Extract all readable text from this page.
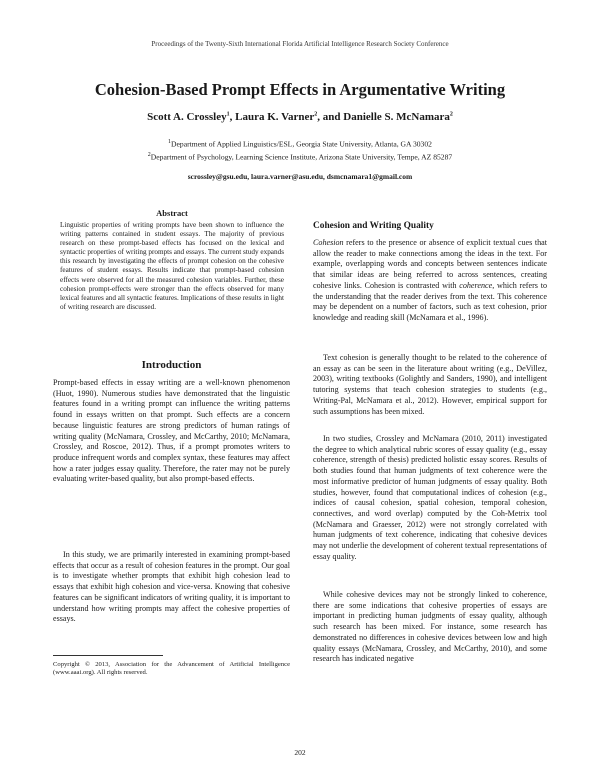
Proceedings of the Twenty-Sixth International Florida Artificial Intelligence Research Society Conference
Cohesion-Based Prompt Effects in Argumentative Writing
Scott A. Crossley$^1$, Laura K. Varner$^2$, and Danielle S. McNamara$^2$
$^1$Department of Applied Linguistics/ESL, Georgia State University, Atlanta, GA 30302
$^2$Department of Psychology, Learning Science Institute, Arizona State University, Tempe, AZ 85287
scrossley@gsu.edu, laura.varner@asu.edu, dsmcnamara1@gmail.com
Abstract
Linguistic properties of writing prompts have been shown to influence the writing patterns contained in student essays. The majority of previous research on these prompt-based effects has focused on the lexical and syntactic properties of writing prompts and essays. The current study expands this research by investigating the effects of prompt cohesion on the cohesive features of student essays. Results indicate that prompt-based cohesion effects were observed for all the measured cohesion variables. Further, these cohesion prompt-effects were stronger than the effects observed for many lexical features and all syntactic features. Implications of these results in light of writing research are discussed.
Introduction
Prompt-based effects in essay writing are a well-known phenomenon (Huot, 1990). Numerous studies have demonstrated that the linguistic features found in a writing prompt can influence the writing patterns found in essays written on that prompt. Such effects are a concern because linguistic features are strong predictors of human ratings of writing quality (McNamara, Crossley, and McCarthy, 2010; McNamara, Crossley, and Roscoe, 2012). Thus, if a prompt promotes writers to produce infrequent words and complex syntax, these features may affect how a rater judges essay quality. Therefore, the rater may not be purely evaluating writer-based quality, but also prompt-based effects.
In this study, we are primarily interested in examining prompt-based effects that occur as a result of cohesion features in the prompt. Our goal is to investigate whether prompts that exhibit high cohesion lead to essays that exhibit high cohesion and vice-versa. Knowing that cohesive features can be significant indicators of writing quality, it is important to understand how writing prompts may affect the cohesive properties of essays.
Copyright © 2013, Association for the Advancement of Artificial Intelligence (www.aaai.org). All rights reserved.
Cohesion and Writing Quality
Cohesion refers to the presence or absence of explicit textual cues that allow the reader to make connections among the ideas in the text. For example, overlapping words and concepts between sentences indicate that similar ideas are being referred to across sentences, creating cohesive links. Cohesion is contrasted with coherence, which refers to the understanding that the reader derives from the text. This coherence may be dependent on a number of factors, such as text cohesion, prior knowledge and reading skill (McNamara et al., 1996).
Text cohesion is generally thought to be related to the coherence of an essay as can be seen in the literature about writing (e.g., DeVillez, 2003), writing textbooks (Golightly and Sanders, 1990), and intelligent tutoring systems that teach cohesion strategies to students (e.g., Writing-Pal, McNamara et al., 2012). However, empirical support for such assumptions has been mixed.
In two studies, Crossley and McNamara (2010, 2011) investigated the degree to which analytical rubric scores of essay quality (e.g., essay coherence, strength of thesis) predicted holistic essay scores. Results of both studies found that human judgments of text coherence were the most informative predictor of human judgments of essay quality. Both studies, however, found that computational indices of cohesion (e.g., indices of causal cohesion, spatial cohesion, temporal cohesion, connectives, and word overlap) computed by the Coh-Metrix tool (McNamara and Graesser, 2012) were not strongly correlated with human judgments of text coherence, indicating that cohesive devices may not underlie the development of coherent textual representations of essay quality.
While cohesive devices may not be strongly linked to coherence, there are some indications that cohesive properties of essays are important in predicting human judgments of essay quality, although such research has been mixed. For instance, some research has demonstrated no differences in cohesive devices between low and high quality essays (McNamara, Crossley, and McCarthy, 2010), and some research has indicated negative
202
